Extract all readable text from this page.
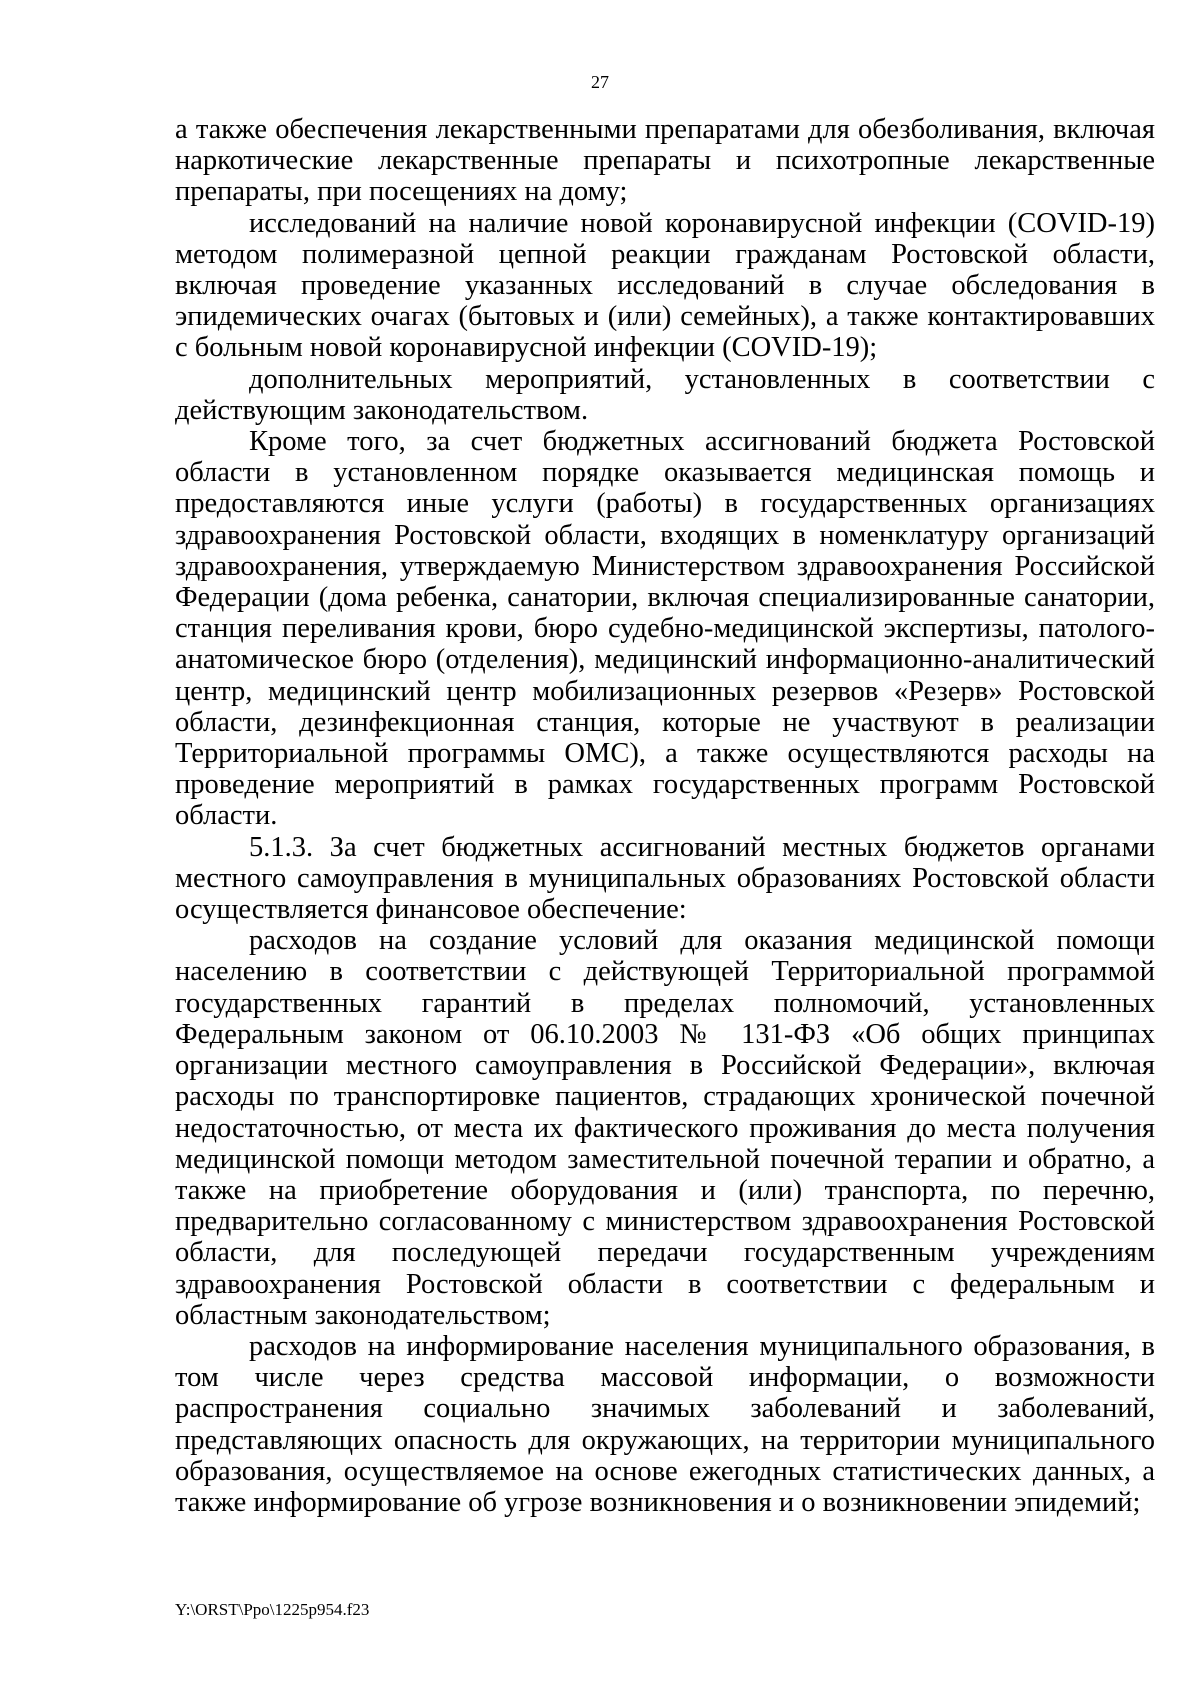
27

а также обеспечения лекарственными препаратами для обезболивания, включая наркотические лекарственные препараты и психотропные лекарственные препараты, при посещениях на дому;

исследований на наличие новой коронавирусной инфекции (COVID-19) методом полимеразной цепной реакции гражданам Ростовской области, включая проведение указанных исследований в случае обследования в эпидемических очагах (бытовых и (или) семейных), а также контактировавших с больным новой коронавирусной инфекции (COVID-19);

дополнительных мероприятий, установленных в соответствии с действующим законодательством.

Кроме того, за счет бюджетных ассигнований бюджета Ростовской области в установленном порядке оказывается медицинская помощь и предоставляются иные услуги (работы) в государственных организациях здравоохранения Ростовской области, входящих в номенклатуру организаций здравоохранения, утверждаемую Министерством здравоохранения Российской Федерации (дома ребенка, санатории, включая специализированные санатории, станция переливания крови, бюро судебно-медицинской экспертизы, патолого-анатомическое бюро (отделения), медицинский информационно-аналитический центр, медицинский центр мобилизационных резервов «Резерв» Ростовской области, дезинфекционная станция, которые не участвуют в реализации Территориальной программы ОМС), а также осуществляются расходы на проведение мероприятий в рамках государственных программ Ростовской области.

5.1.3. За счет бюджетных ассигнований местных бюджетов органами местного самоуправления в муниципальных образованиях Ростовской области осуществляется финансовое обеспечение:

расходов на создание условий для оказания медицинской помощи населению в соответствии с действующей Территориальной программой государственных гарантий в пределах полномочий, установленных Федеральным законом от 06.10.2003 № 131-ФЗ «Об общих принципах организации местного самоуправления в Российской Федерации», включая расходы по транспортировке пациентов, страдающих хронической почечной недостаточностью, от места их фактического проживания до места получения медицинской помощи методом заместительной почечной терапии и обратно, а также на приобретение оборудования и (или) транспорта, по перечню, предварительно согласованному с министерством здравоохранения Ростовской области, для последующей передачи государственным учреждениям здравоохранения Ростовской области в соответствии с федеральным и областным законодательством;

расходов на информирование населения муниципального образования, в том числе через средства массовой информации, о возможности распространения социально значимых заболеваний и заболеваний, представляющих опасность для окружающих, на территории муниципального образования, осуществляемое на основе ежегодных статистических данных, а также информирование об угрозе возникновения и о возникновении эпидемий;

Y:\ORST\Ppo\1225p954.f23
